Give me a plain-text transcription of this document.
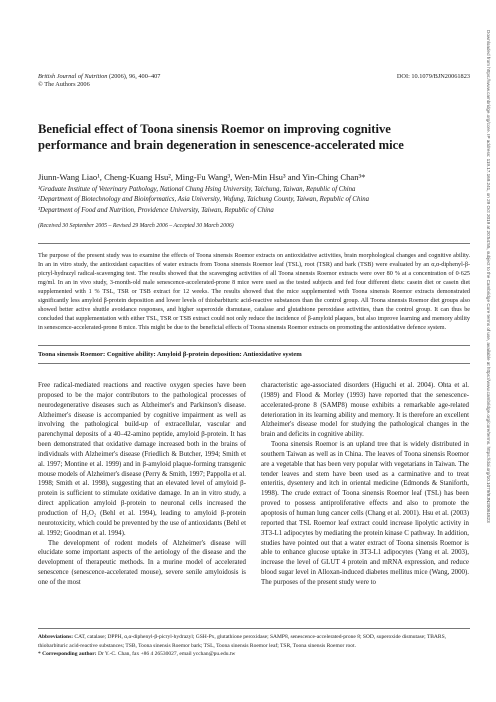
Downloaded from https://www.cambridge.org/core. IP address: 119.17.169.241, on 29 Oct 2019 at 20:54:55, subject to the Cambridge Core terms of use, available at https://www.cambridge.org/core/terms. https://doi.org/10.1079/BJN20061823
British Journal of Nutrition (2006), 96, 400–407
© The Authors 2006
DOI: 10.1079/BJN20061823
Beneficial effect of Toona sinensis Roemor on improving cognitive performance and brain degeneration in senescence-accelerated mice
Jiunn-Wang Liao¹, Cheng-Kuang Hsu², Ming-Fu Wang³, Wen-Min Hsu³ and Yin-Ching Chan³*
¹Graduate Institute of Veterinary Pathology, National Chung Hsing University, Taichung, Taiwan, Republic of China
²Department of Biotechnology and Bioinformatics, Asia University, Wufung, Taichung County, Taiwan, Republic of China
³Department of Food and Nutrition, Providence University, Taiwan, Republic of China
(Received 30 September 2005 – Revised 29 March 2006 – Accepted 30 March 2006)

The purpose of the present study was to examine the effects of Toona sinensis Roemor extracts on antioxidative activities, brain morphological changes and cognitive ability. In an in vitro study, the antioxidant capacities of water extracts from Toona sinensis Roemor leaf (TSL), root (TSR) and bark (TSB) were evaluated by an α,α-diphenyl-β-picryl-hydrazyl radical-scavenging test. The results showed that the scavenging activities of all Toona sinensis Roemor extracts were over 80 % at a concentration of 0·625 mg/ml. In an in vivo study, 3-month-old male senescence-accelerated-prone 8 mice were used as the tested subjects and fed four different diets: casein diet or casein diet supplemented with 1 % TSL, TSR or TSB extract for 12 weeks. The results showed that the mice supplemented with Toona sinensis Roemor extracts demonstrated significantly less amyloid β-protein deposition and lower levels of thiobarbituric acid-reactive substances than the control group. All Toona sinensis Roemor diet groups also showed better active shuttle avoidance responses, and higher superoxide dismutase, catalase and glutathione peroxidase activities, than the control group. It can thus be concluded that supplementation with either TSL, TSR or TSB extract could not only reduce the incidence of β-amyloid plaques, but also improve learning and memory ability in senescence-accelerated-prone 8 mice. This might be due to the beneficial effects of Toona sinensis Roemor extracts on promoting the antioxidative defence system.

Toona sinensis Roemor: Cognitive ability: Amyloid β-protein deposition: Antioxidative system

Free radical-mediated reactions and reactive oxygen species have been proposed to be the major contributors to the pathological processes of neurodegenerative diseases such as Alzheimer's and Parkinson's disease. Alzheimer's disease is accompanied by cognitive impairment as well as involving the pathological build-up of extracellular, vascular and parenchymal deposits of a 40–42-amino peptide, amyloid β-protein. It has been demonstrated that oxidative damage increased both in the brains of individuals with Alzheimer's disease (Friedlich & Butcher, 1994; Smith et al. 1997; Montine et al. 1999) and in β-amyloid plaque-forming transgenic mouse models of Alzheimer's disease (Perry & Smith, 1997; Pappolla et al. 1998; Smith et al. 1998), suggesting that an elevated level of amyloid β-protein is sufficient to stimulate oxidative damage. In an in vitro study, a direct application amyloid β-protein to neuronal cells increased the production of H₂O₂ (Behl et al. 1994), leading to amyloid β-protein neurotoxicity, which could be prevented by the use of antioxidants (Behl et al. 1992; Goodman et al. 1994).

The development of rodent models of Alzheimer's disease will elucidate some important aspects of the aetiology of the disease and the development of therapeutic methods. In a murine model of accelerated senescence (senescence-accelerated mouse), severe senile amyloidosis is one of the most

characteristic age-associated disorders (Higuchi et al. 2004). Ohta et al. (1989) and Flood & Morley (1993) have reported that the senescence-accelerated-prone 8 (SAMP8) mouse exhibits a remarkable age-related deterioration in its learning ability and memory. It is therefore an excellent Alzheimer's disease model for studying the pathological changes in the brain and deficits in cognitive ability.

Toona sinensis Roemor is an upland tree that is widely distributed in southern Taiwan as well as in China. The leaves of Toona sinensis Roemor are a vegetable that has been very popular with vegetarians in Taiwan. The tender leaves and stem have been used as a carminative and to treat enteritis, dysentery and itch in oriental medicine (Edmonds & Staniforth, 1998). The crude extract of Toona sinensis Roemor leaf (TSL) has been proved to possess antiproliferative effects and also to promote the apoptosis of human lung cancer cells (Chang et al. 2001). Hsu et al. (2003) reported that TSL Roemor leaf extract could increase lipolytic activity in 3T3-L1 adipocytes by mediating the protein kinase C pathway. In addition, studies have pointed out that a water extract of Toona sinensis Roemor is able to enhance glucose uptake in 3T3-L1 adipocytes (Yang et al. 2003), increase the level of GLUT 4 protein and mRNA expression, and reduce blood sugar level in Alloxan-induced diabetes mellitus mice (Wang, 2000). The purposes of the present study were to

Abbreviations: CAT, catalase; DPPH, α,α-diphenyl-β-picryl-hydrazyl; GSH-Px, glutathione peroxidase; SAMP8, senescence-accelerated-prone 8; SOD, superoxide dismutase; TBARS, thiobarbituric acid-reactive substances; TSB, Toona sinensis Roemor bark; TSL, Toona sinensis Roemor leaf; TSR, Toona sinensis Roemor root.
* Corresponding author: Dr Y.-C. Chan, fax +86 4 26530027, email ycchan@pu.edu.tw
